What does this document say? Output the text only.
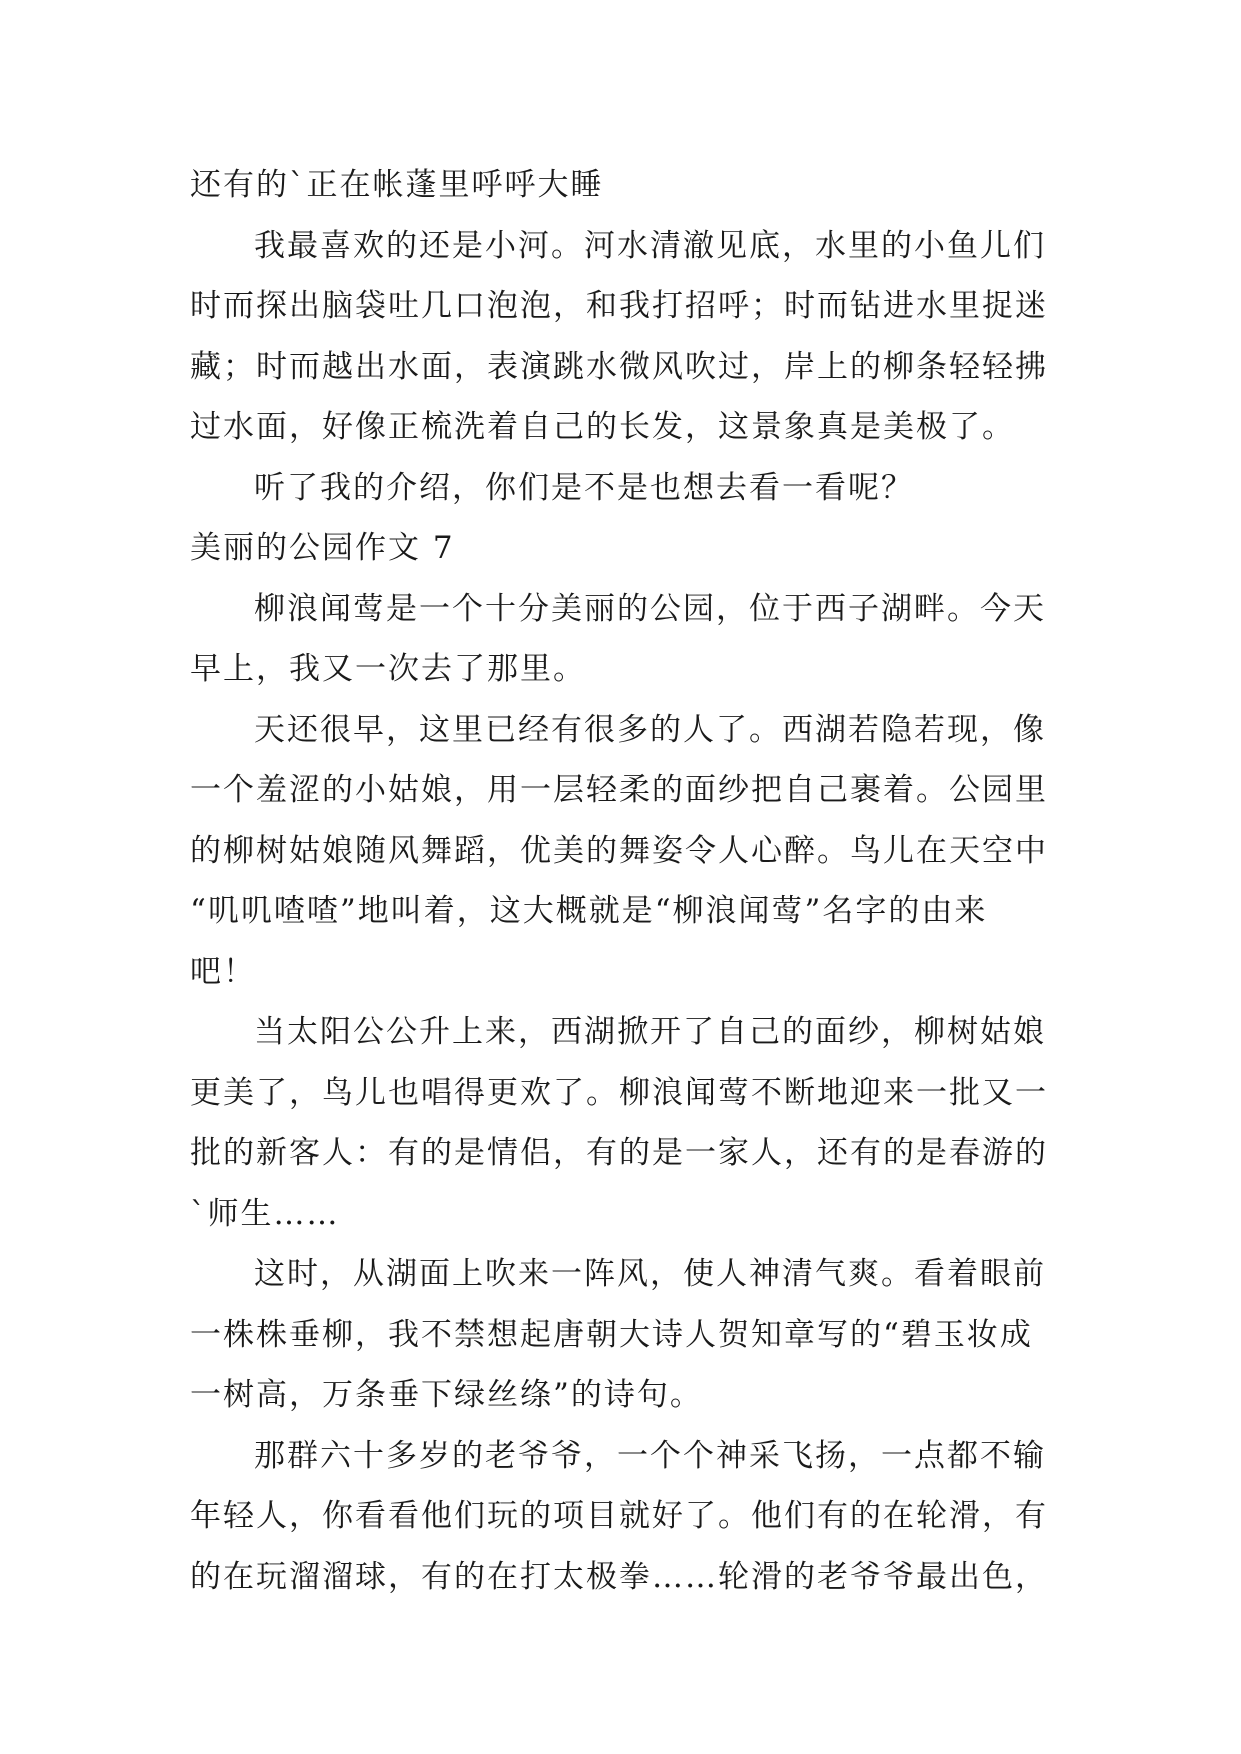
还有的`正在帐蓬里呼呼大睡
我最喜欢的还是小河。河水清澈见底，水里的小鱼儿们
时而探出脑袋吐几口泡泡，和我打招呼；时而钻进水里捉迷
藏；时而越出水面，表演跳水微风吹过，岸上的柳条轻轻拂
过水面，好像正梳洗着自己的长发，这景象真是美极了。
听了我的介绍，你们是不是也想去看一看呢？
美丽的公园作文 7
柳浪闻莺是一个十分美丽的公园，位于西子湖畔。今天
早上，我又一次去了那里。
天还很早，这里已经有很多的人了。西湖若隐若现，像
一个羞涩的小姑娘，用一层轻柔的面纱把自己裹着。公园里
的柳树姑娘随风舞蹈，优美的舞姿令人心醉。鸟儿在天空中
“叽叽喳喳”地叫着，这大概就是“柳浪闻莺”名字的由来
吧！
当太阳公公升上来，西湖掀开了自己的面纱，柳树姑娘
更美了，鸟儿也唱得更欢了。柳浪闻莺不断地迎来一批又一
批的新客人：有的是情侣，有的是一家人，还有的是春游的
`师生……
这时，从湖面上吹来一阵风，使人神清气爽。看着眼前
一株株垂柳，我不禁想起唐朝大诗人贺知章写的“碧玉妆成
一树高，万条垂下绿丝绦”的诗句。
那群六十多岁的老爷爷，一个个神采飞扬，一点都不输
年轻人，你看看他们玩的项目就好了。他们有的在轮滑，有
的在玩溜溜球，有的在打太极拳……轮滑的老爷爷最出色，
